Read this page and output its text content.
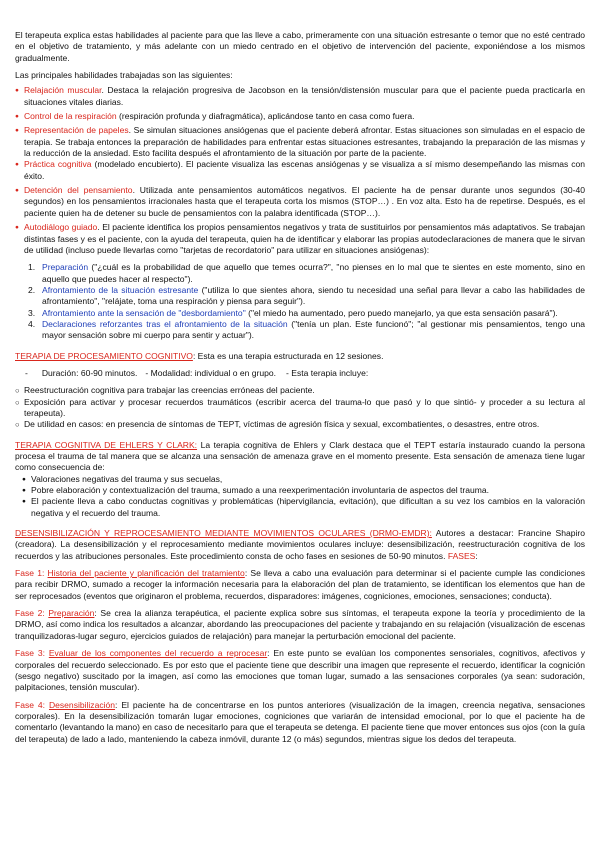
El terapeuta explica estas habilidades al paciente para que las lleve a cabo, primeramente con una situación estresante o temor que no esté centrado en el objetivo de tratamiento, y más adelante con un miedo centrado en el objetivo de intervención del paciente, exponiéndose a los mismos gradualmente.

Las principales habilidades trabajadas son las siguientes:

● Relajación muscular. Destaca la relajación progresiva de Jacobson en la tensión/distensión muscular para que el paciente pueda practicarla en situaciones vitales diarias.
● Control de la respiración (respiración profunda y diafragmática), aplicándose tanto en casa como fuera.
● Representación de papeles. Se simulan situaciones ansiógenas que el paciente deberá afrontar. Estas situaciones son simuladas en el espacio de terapia. Se trabaja entonces la preparación de habilidades para enfrentar estas situaciones estresantes, trabajando la preparación de las mismas y la reducción de la ansiedad. Esto facilita después el afrontamiento de la situación por parte de la paciente.
● Práctica cognitiva (modelado encubierto). El paciente visualiza las escenas ansiógenas y se visualiza a sí mismo desempeñando las mismas con éxito.
● Detención del pensamiento. Utilizada ante pensamientos automáticos negativos. El paciente ha de pensar durante unos segundos (30-40 segundos) en los pensamientos irracionales hasta que el terapeuta corta los mismos (STOP…) . En voz alta. Esto ha de repetirse. Después, es el paciente quien ha de detener su bucle de pensamientos con la palabra identificada (STOP…).
● Autodiálogo guiado. El paciente identifica los propios pensamientos negativos y trata de sustituirlos por pensamientos más adaptativos. Se trabajan distintas fases y es el paciente, con la ayuda del terapeuta, quien ha de identificar y elaborar las propias autodeclaraciones de manera que le sirvan de utilidad (incluso puede llevarlas como "tarjetas de recordatorio" para utilizar en situaciones ansiógenas):
1. Preparación ("¿cuál es la probabilidad de que aquello que temes ocurra?", "no pienses en lo mal que te sientes en este momento, sino en aquello que puedes hacer al respecto").
2. Afrontamiento de la situación estresante ("utiliza lo que sientes ahora, siendo tu necesidad una señal para llevar a cabo las habilidades de afrontamiento", "relájate, toma una respiración y piensa para seguir").
3. Afrontamiento ante la sensación de "desbordamiento" ("el miedo ha aumentado, pero puedo manejarlo, ya que esta sensación pasará").
4. Declaraciones reforzantes tras el afrontamiento de la situación ("tenía un plan. Este funcionó"; "al gestionar mis pensamientos, tengo una mayor sensación sobre mi cuerpo para sentir y actuar").

TERAPIA DE PROCESAMIENTO COGNITIVO: Esta es una terapia estructurada en 12 sesiones.

- Duración: 60-90 minutos. - Modalidad: individual o en grupo. - Esta terapia incluye:
○ Reestructuración cognitiva para trabajar las creencias erróneas del paciente.
○ Exposición para activar y procesar recuerdos traumáticos (escribir acerca del trauma-lo que pasó y lo que sintió- y proceder a su lectura al terapeuta).
○ De utilidad en casos: en presencia de síntomas de TEPT, víctimas de agresión física y sexual, excombatientes, o desastres, entre otros.

TERAPIA COGNITIVA DE EHLERS Y CLARK: La terapia cognitiva de Ehlers y Clark destaca que el TEPT estaría instaurado cuando la persona procesa el trauma de tal manera que se alcanza una sensación de amenaza grave en el momento presente. Esta sensación de amenaza tiene lugar como consecuencia de:

● Valoraciones negativas del trauma y sus secuelas,
● Pobre elaboración y contextualización del trauma, sumado a una reexperimentación involuntaria de aspectos del trauma.
● El paciente lleva a cabo conductas cognitivas y problemáticas (hipervigilancia, evitación), que dificultan a su vez los cambios en la valoración negativa y el recuerdo del trauma.

DESENSIBILIZACIÓN Y REPROCESAMIENTO MEDIANTE MOVIMIENTOS OCULARES (DRMO-EMDR): Autores a destacar: Francine Shapiro (creadora). La desensibilización y el reprocesamiento mediante movimientos oculares incluye: desensibilización, reestructuración cognitiva de los recuerdos y las atribuciones personales. Este procedimiento consta de ocho fases en sesiones de 50-90 minutos. FASES:

Fase 1: Historia del paciente y planificación del tratamiento: Se lleva a cabo una evaluación para determinar si el paciente cumple las condiciones para recibir DRMO, sumado a recoger la información necesaria para la elaboración del plan de tratamiento, se identifican los elementos que han de ser reprocesados (eventos que originaron el problema, recuerdos, disparadores: imágenes, cogniciones, emociones, sensaciones; conducta).

Fase 2: Preparación: Se crea la alianza terapéutica, el paciente explica sobre sus síntomas, el terapeuta expone la teoría y procedimiento de la DRMO, así como indica los resultados a alcanzar, abordando las preocupaciones del paciente y trabajando en su relajación (visualización de escenas tranquilizadoras-lugar seguro, ejercicios guiados de relajación) para manejar la perturbación emocional del paciente.

Fase 3: Evaluar de los componentes del recuerdo a reprocesar: En este punto se evalúan los componentes sensoriales, cognitivos, afectivos y corporales del recuerdo seleccionado. Es por esto que el paciente tiene que describir una imagen que represente el recuerdo, identificar la cognición (sesgo negativo) suscitado por la imagen, así como las emociones que toman lugar, sumado a las sensaciones corporales (ya sean: sudoración, palpitaciones, tensión muscular).

Fase 4: Desensibilización: El paciente ha de concentrarse en los puntos anteriores (visualización de la imagen, creencia negativa, sensaciones corporales). En la desensibilización tomarán lugar emociones, cogniciones que variarán de intensidad emocional, por lo que el paciente ha de comentarlo (levantando la mano) en caso de necesitarlo para que el terapeuta se detenga. El paciente tiene que mover entonces sus ojos (con la guía del terapeuta) de lado a lado, manteniendo la cabeza inmóvil, durante 12 (o más) segundos, mientras sigue los dedos del terapeuta.
